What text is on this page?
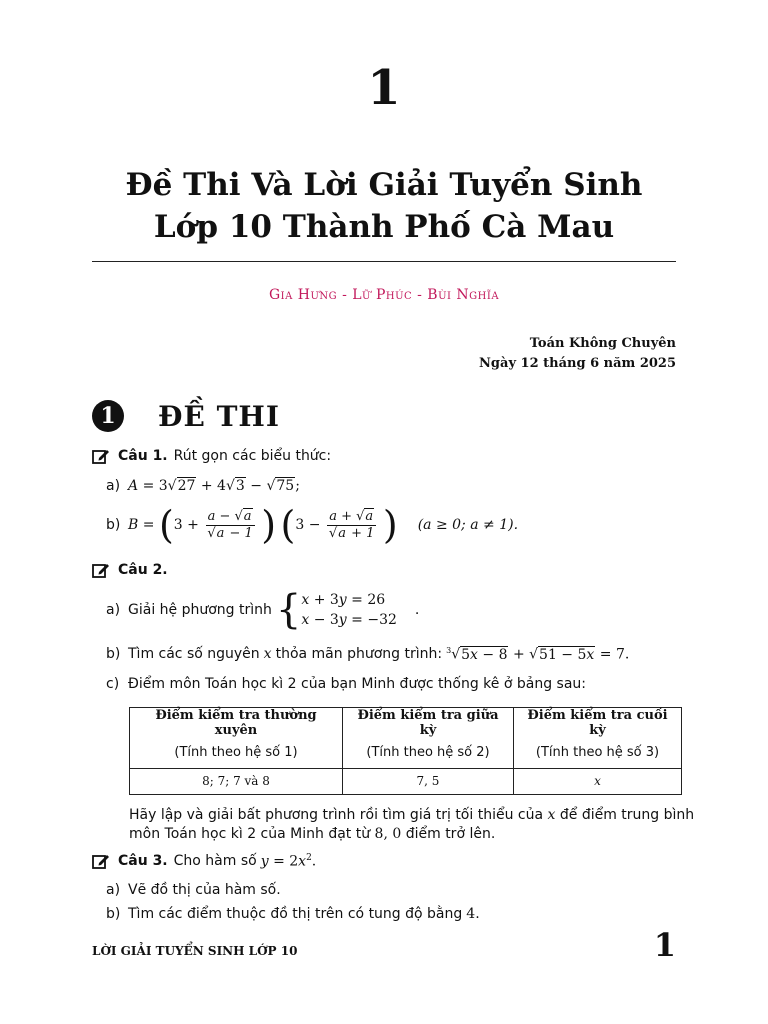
1
Đề Thi Và Lời Giải Tuyển Sinh
Lớp 10 Thành Phố Cà Mau
Gia Hưng - Lữ Phúc - Bùi Nghĩa
Toán Không Chuyên
Ngày 12 tháng 6 năm 2025
1 ĐỀ THI
Câu 1. Rút gọn các biểu thức:
a) A = 3√27 + 4√3 − √75;
b) $B = (3 + \frac{a - √a}{√a - 1}$ ) ($3 - \frac{a + √a}{√a + 1}$ ) (a ≥ 0; a ≠ 1).
Câu 2.
a) Giải hệ phương trình { x + 3y = 26
x − 3y = −32
.
b) Tìm các số nguyên x thỏa mãn phương trình: $^3$√5x − 8 + √51 − 5x = 7.
c) Điểm môn Toán học kì 2 của bạn Minh được thống kê ở bảng sau:
Điểm kiểm tra thường xuyên	Điểm kiểm tra giữa kỳ	Điểm kiểm tra cuối kỳ
(Tính theo hệ số 1)	(Tính theo hệ số 2)	(Tính theo hệ số 3)
8; 7; 7 và 8	7, 5	x
Hãy lập và giải bất phương trình rồi tìm giá trị tối thiểu của x để điểm trung bình
môn Toán học kì 2 của Minh đạt từ 8, 0 điểm trở lên.
Câu 3. Cho hàm số $y = 2x^2$.
a) Vẽ đồ thị của hàm số.
b) Tìm các điểm thuộc đồ thị trên có tung độ bằng 4.
LỜI GIẢI TUYỂN SINH LỚP 10	1
